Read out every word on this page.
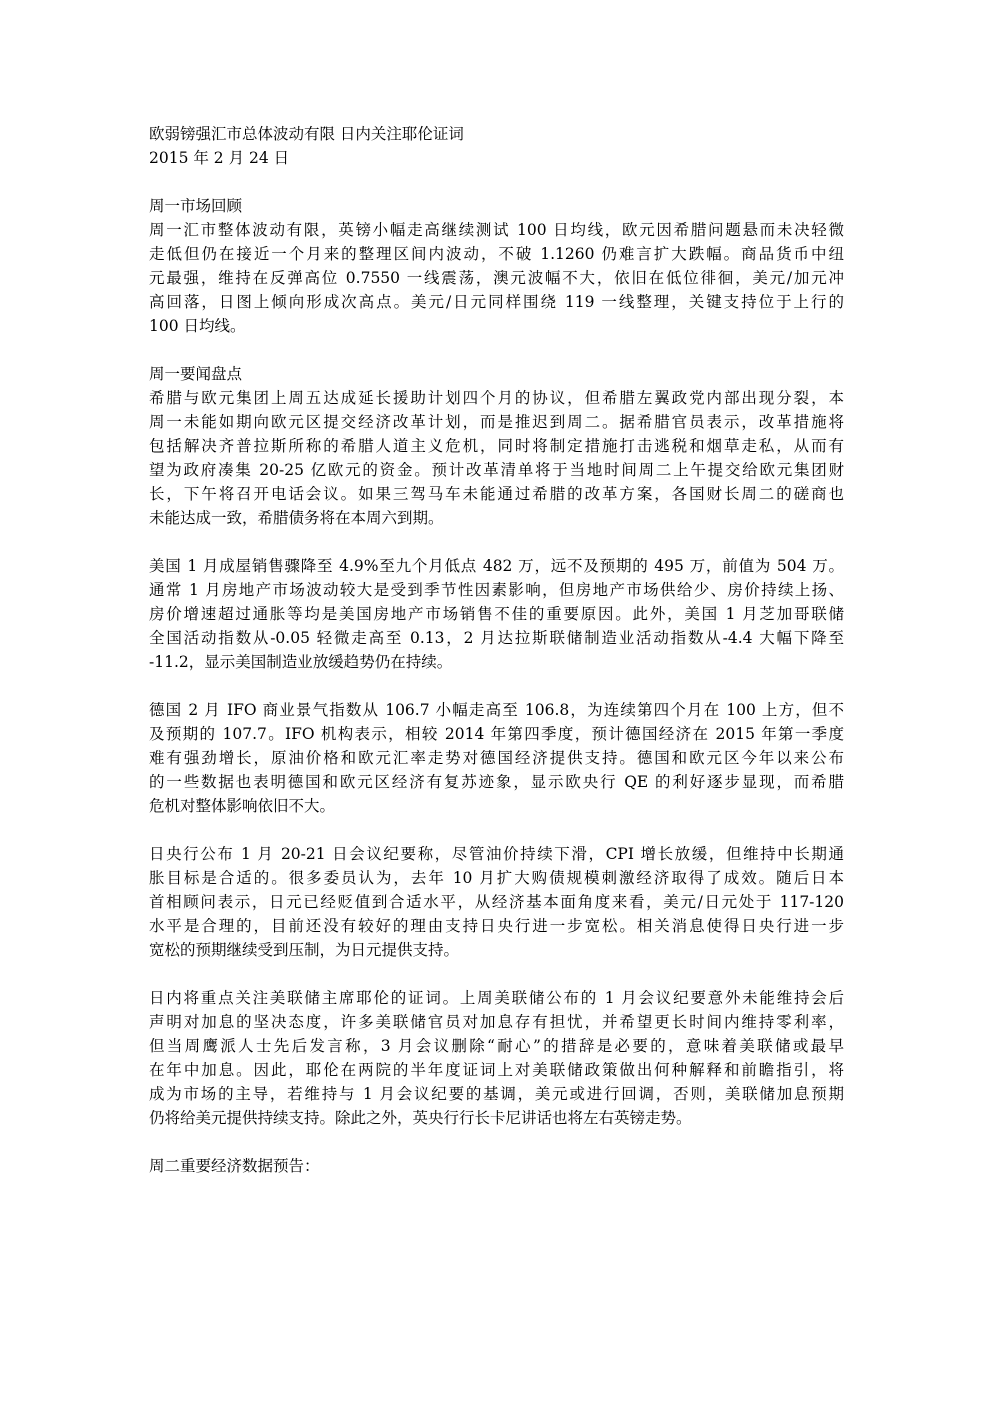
欧弱镑强汇市总体波动有限 日内关注耶伦证词
2015 年 2 月 24 日
周一市场回顾
周一汇市整体波动有限，英镑小幅走高继续测试 100 日均线，欧元因希腊问题悬而未决轻微
走低但仍在接近一个月来的整理区间内波动，不破 1.1260 仍难言扩大跌幅。商品货币中纽
元最强，维持在反弹高位 0.7550 一线震荡，澳元波幅不大，依旧在低位徘徊，美元/加元冲
高回落，日图上倾向形成次高点。美元/日元同样围绕 119 一线整理，关键支持位于上行的
100 日均线。
周一要闻盘点
希腊与欧元集团上周五达成延长援助计划四个月的协议，但希腊左翼政党内部出现分裂，本
周一未能如期向欧元区提交经济改革计划，而是推迟到周二。据希腊官员表示，改革措施将
包括解决齐普拉斯所称的希腊人道主义危机，同时将制定措施打击逃税和烟草走私，从而有
望为政府凑集 20-25 亿欧元的资金。预计改革清单将于当地时间周二上午提交给欧元集团财
长，下午将召开电话会议。如果三驾马车未能通过希腊的改革方案，各国财长周二的磋商也
未能达成一致，希腊债务将在本周六到期。
美国 1 月成屋销售骤降至 4.9%至九个月低点 482 万，远不及预期的 495 万，前值为 504 万。
通常 1 月房地产市场波动较大是受到季节性因素影响，但房地产市场供给少、房价持续上扬、
房价增速超过通胀等均是美国房地产市场销售不佳的重要原因。此外，美国 1 月芝加哥联储
全国活动指数从-0.05 轻微走高至 0.13，2 月达拉斯联储制造业活动指数从-4.4 大幅下降至
-11.2，显示美国制造业放缓趋势仍在持续。
德国 2 月 IFO 商业景气指数从 106.7 小幅走高至 106.8，为连续第四个月在 100 上方，但不
及预期的 107.7。IFO 机构表示，相较 2014 年第四季度，预计德国经济在 2015 年第一季度
难有强劲增长，原油价格和欧元汇率走势对德国经济提供支持。德国和欧元区今年以来公布
的一些数据也表明德国和欧元区经济有复苏迹象，显示欧央行 QE 的利好逐步显现，而希腊
危机对整体影响依旧不大。
日央行公布 1 月 20-21 日会议纪要称，尽管油价持续下滑，CPI 增长放缓，但维持中长期通
胀目标是合适的。很多委员认为，去年 10 月扩大购债规模刺激经济取得了成效。随后日本
首相顾问表示，日元已经贬值到合适水平，从经济基本面角度来看，美元/日元处于 117-120
水平是合理的，目前还没有较好的理由支持日央行进一步宽松。相关消息使得日央行进一步
宽松的预期继续受到压制，为日元提供支持。
日内将重点关注美联储主席耶伦的证词。上周美联储公布的 1 月会议纪要意外未能维持会后
声明对加息的坚决态度，许多美联储官员对加息存有担忧，并希望更长时间内维持零利率，
但当周鹰派人士先后发言称，3 月会议删除“耐心”的措辞是必要的，意味着美联储或最早
在年中加息。因此，耶伦在两院的半年度证词上对美联储政策做出何种解释和前瞻指引，将
成为市场的主导，若维持与 1 月会议纪要的基调，美元或进行回调，否则，美联储加息预期
仍将给美元提供持续支持。除此之外，英央行行长卡尼讲话也将左右英镑走势。
周二重要经济数据预告：
